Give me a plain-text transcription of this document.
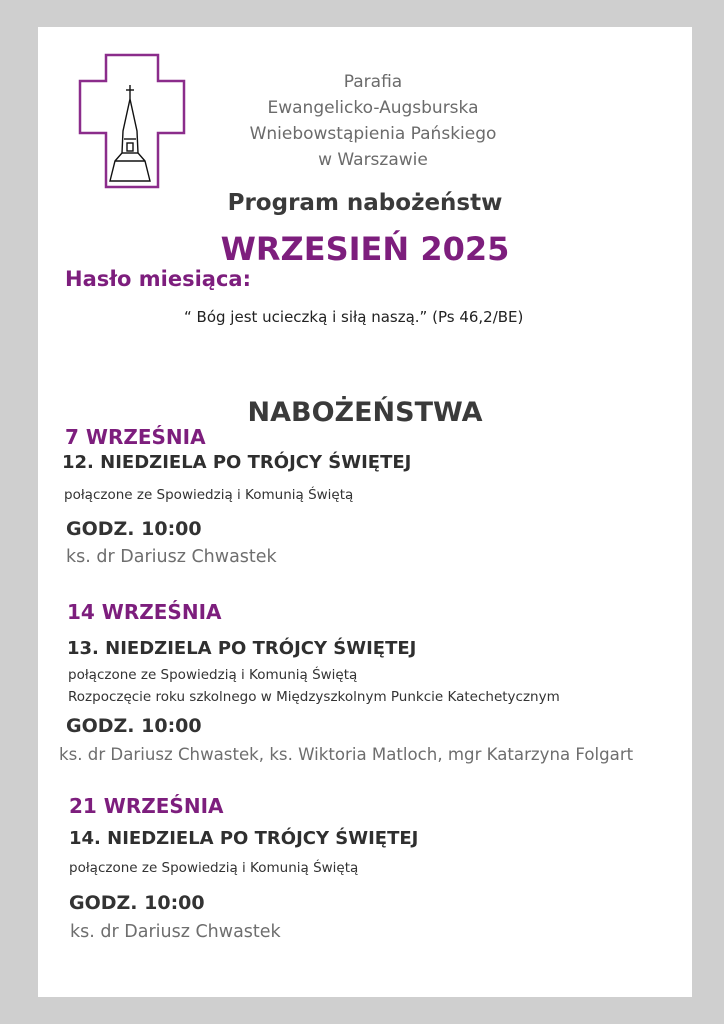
Parafia
Ewangelicko-Augsburska
Wniebowstąpienia Pańskiego
w Warszawie
Program nabożeństw
WRZESIEŃ 2025
Hasło miesiąca:
“ Bóg jest ucieczką i siłą naszą.” (Ps 46,2/BE)
NABOŻEŃSTWA
7 WRZEŚNIA
12. NIEDZIELA PO TRÓJCY ŚWIĘTEJ
połączone ze Spowiedzią i Komunią Świętą
GODZ. 10:00
ks. dr Dariusz Chwastek
14 WRZEŚNIA
13. NIEDZIELA PO TRÓJCY ŚWIĘTEJ
połączone ze Spowiedzią i Komunią Świętą
Rozpoczęcie roku szkolnego w Międzyszkolnym Punkcie Katechetycznym
GODZ. 10:00
ks. dr Dariusz Chwastek, ks. Wiktoria Matloch, mgr Katarzyna Folgart
21 WRZEŚNIA
14. NIEDZIELA PO TRÓJCY ŚWIĘTEJ
połączone ze Spowiedzią i Komunią Świętą
GODZ. 10:00
ks. dr Dariusz Chwastek
